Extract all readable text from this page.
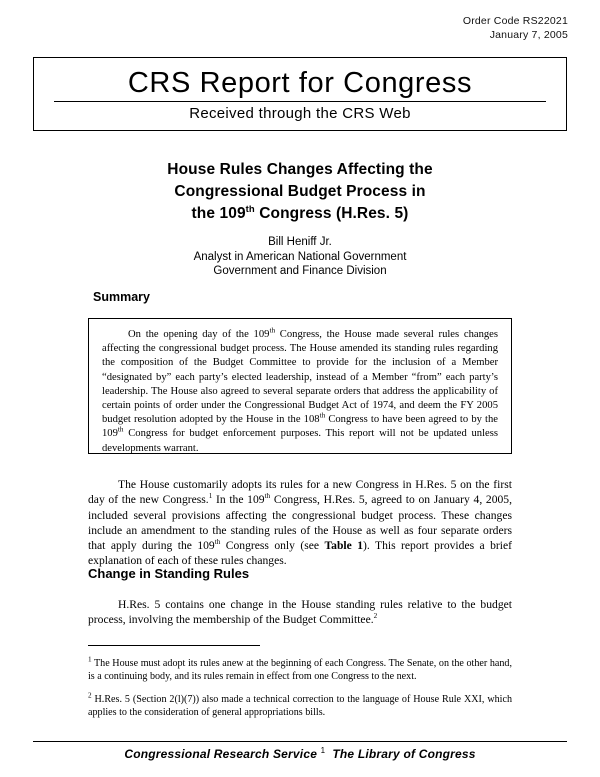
Order Code RS22021
January 7, 2005
CRS Report for Congress
Received through the CRS Web
House Rules Changes Affecting the
Congressional Budget Process in
the 109th Congress (H.Res. 5)
Bill Heniff Jr.
Analyst in American National Government
Government and Finance Division
Summary

On the opening day of the 109th Congress, the House made several rules changes affecting the congressional budget process. The House amended its standing rules regarding the composition of the Budget Committee to provide for the inclusion of a Member “designated by” each party’s elected leadership, instead of a Member “from” each party’s leadership. The House also agreed to several separate orders that address the applicability of certain points of order under the Congressional Budget Act of 1974, and deem the FY 2005 budget resolution adopted by the House in the 108th Congress to have been agreed to by the 109th Congress for budget enforcement purposes. This report will not be updated unless developments warrant.

The House customarily adopts its rules for a new Congress in H.Res. 5 on the first day of the new Congress.$^1$ In the 109th Congress, H.Res. 5, agreed to on January 4, 2005, included several provisions affecting the congressional budget process. These changes include an amendment to the standing rules of the House as well as four separate orders that apply during the 109th Congress only (see Table 1). This report provides a brief explanation of each of these rules changes.

Change in Standing Rules

H.Res. 5 contains one change in the House standing rules relative to the budget process, involving the membership of the Budget Committee.$^2$

$^1$ The House must adopt its rules anew at the beginning of each Congress. The Senate, on the other hand, is a continuing body, and its rules remain in effect from one Congress to the next.

$^2$ H.Res. 5 (Section 2(l)(7)) also made a technical correction to the language of House Rule XXI, which applies to the consideration of general appropriations bills.

Congressional Research Service $^1$ The Library of Congress
